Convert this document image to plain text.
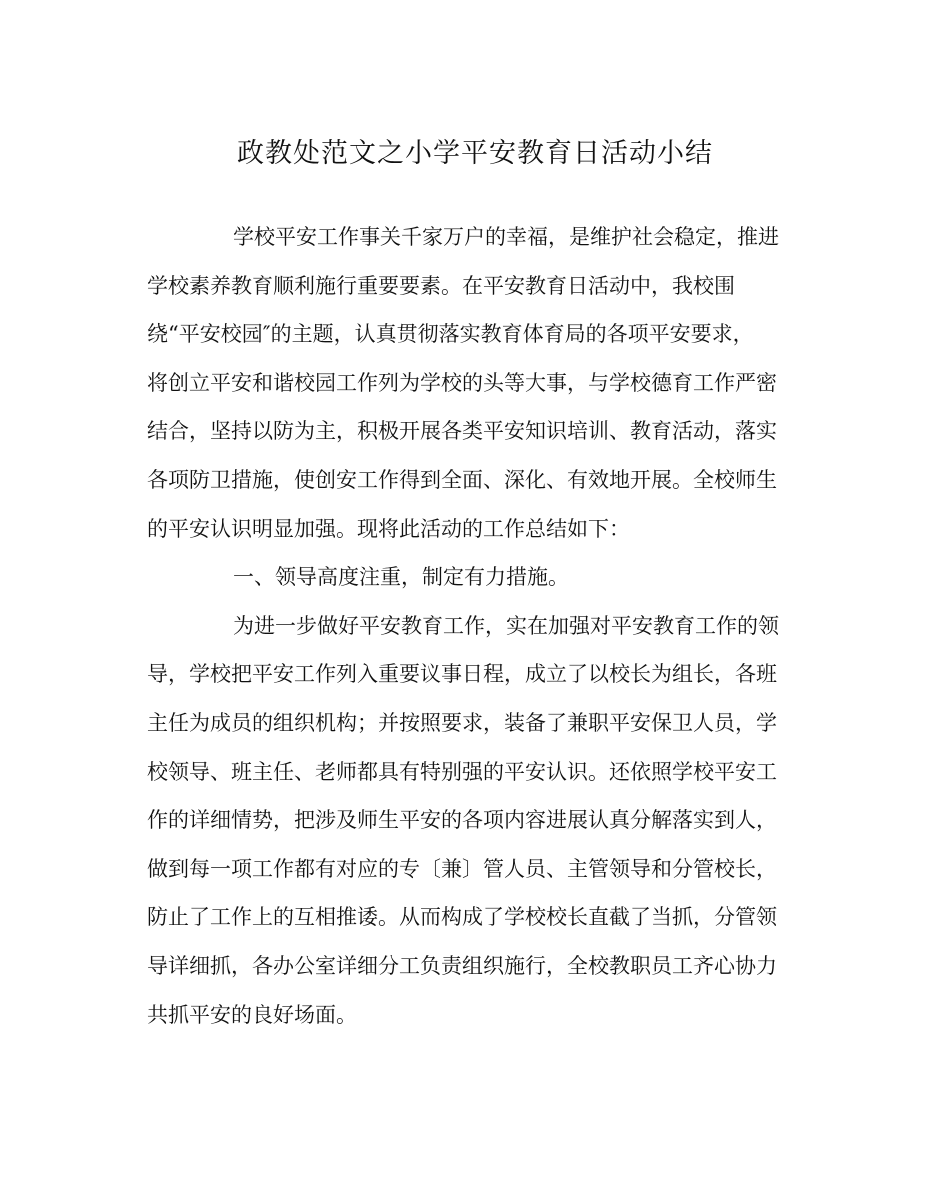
政教处范文之小学平安教育日活动小结
学校平安工作事关千家万户的幸福，是维护社会稳定，推进
学校素养教育顺利施行重要要素。在平安教育日活动中，我校围
绕“平安校园″的主题，认真贯彻落实教育体育局的各项平安要求，
将创立平安和谐校园工作列为学校的头等大事，与学校德育工作严密
结合，坚持以防为主，积极开展各类平安知识培训、教育活动，落实
各项防卫措施，使创安工作得到全面、深化、有效地开展。全校师生
的平安认识明显加强。现将此活动的工作总结如下：
一、领导高度注重，制定有力措施。
为进一步做好平安教育工作，实在加强对平安教育工作的领
导，学校把平安工作列入重要议事日程，成立了以校长为组长，各班
主任为成员的组织机构；并按照要求，装备了兼职平安保卫人员，学
校领导、班主任、老师都具有特别强的平安认识。还依照学校平安工
作的详细情势，把涉及师生平安的各项内容进展认真分解落实到人，
做到每一项工作都有对应的专〔兼〕管人员、主管领导和分管校长，
防止了工作上的互相推诿。从而构成了学校校长直截了当抓，分管领
导详细抓，各办公室详细分工负责组织施行，全校教职员工齐心协力
共抓平安的良好场面。
